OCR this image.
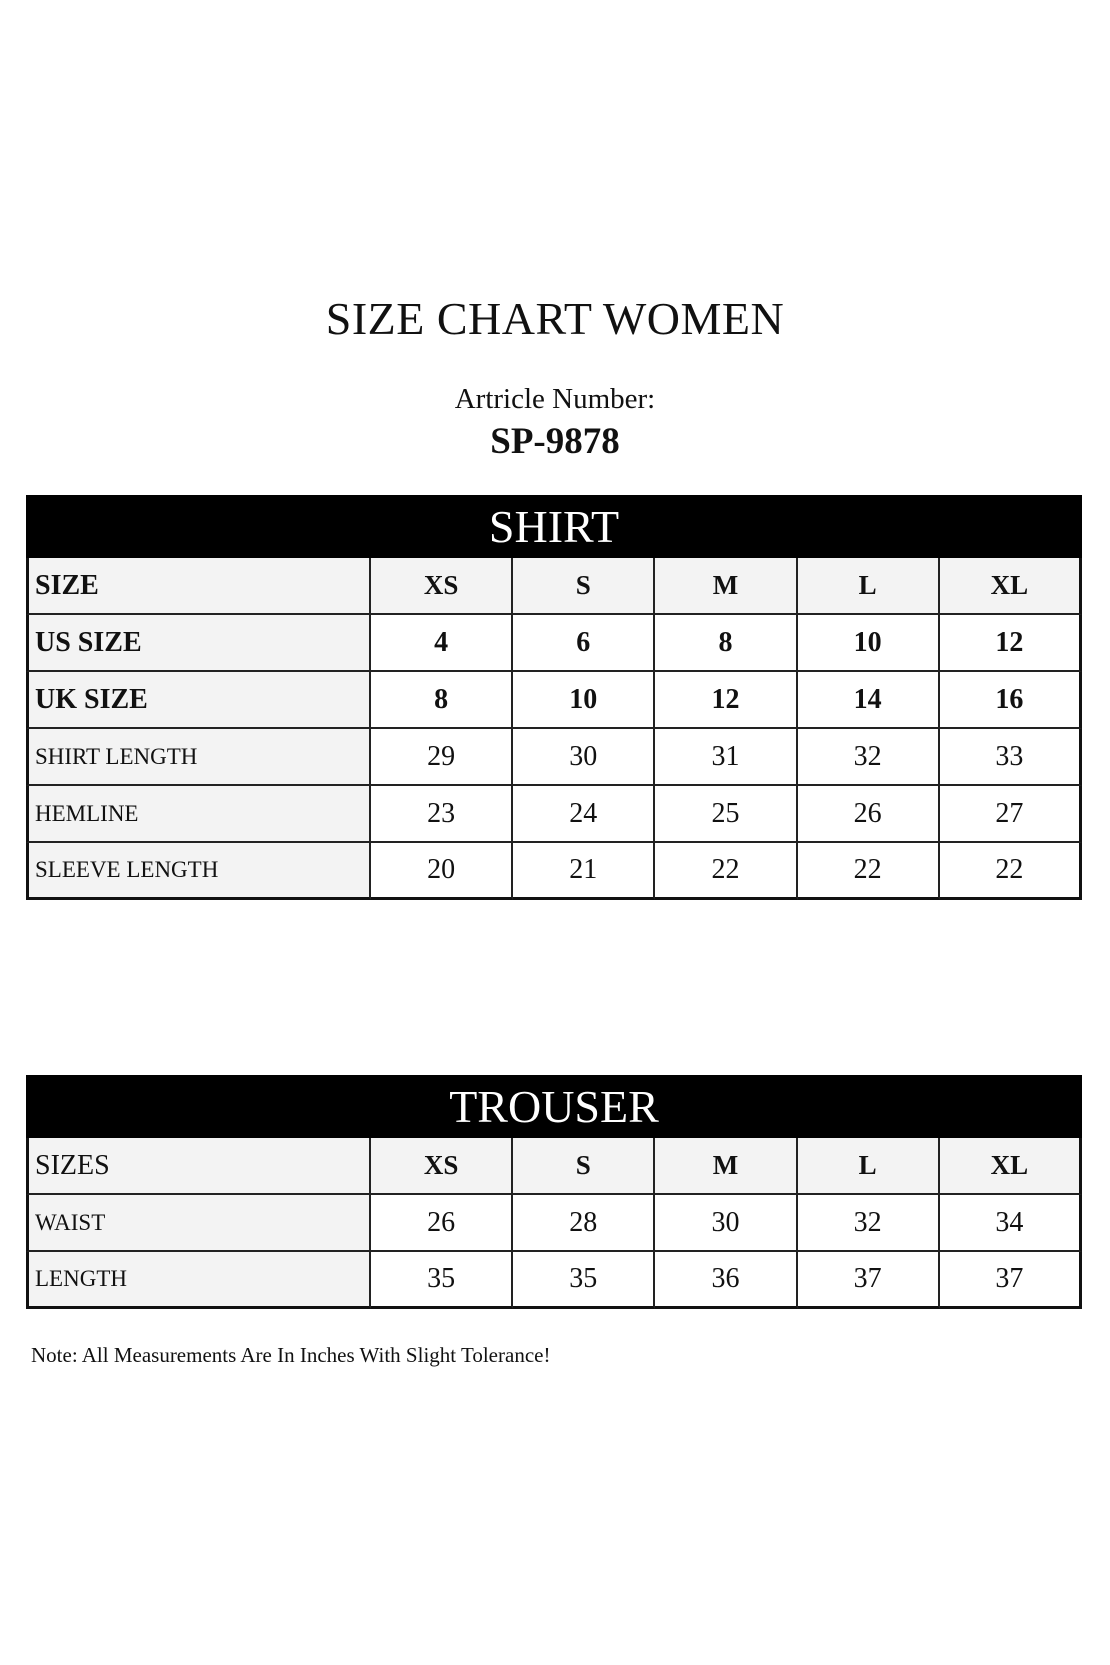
SIZE CHART WOMEN
Artricle Number:
SP-9878
SHIRT
SIZE	XS	S	M	L	XL
US SIZE	4	6	8	10	12
UK SIZE	8	10	12	14	16
SHIRT LENGTH	29	30	31	32	33
HEMLINE	23	24	25	26	27
SLEEVE LENGTH	20	21	22	22	22
TROUSER
SIZES	XS	S	M	L	XL
WAIST	26	28	30	32	34
LENGTH	35	35	36	37	37
Note: All Measurements Are In Inches With Slight Tolerance!
